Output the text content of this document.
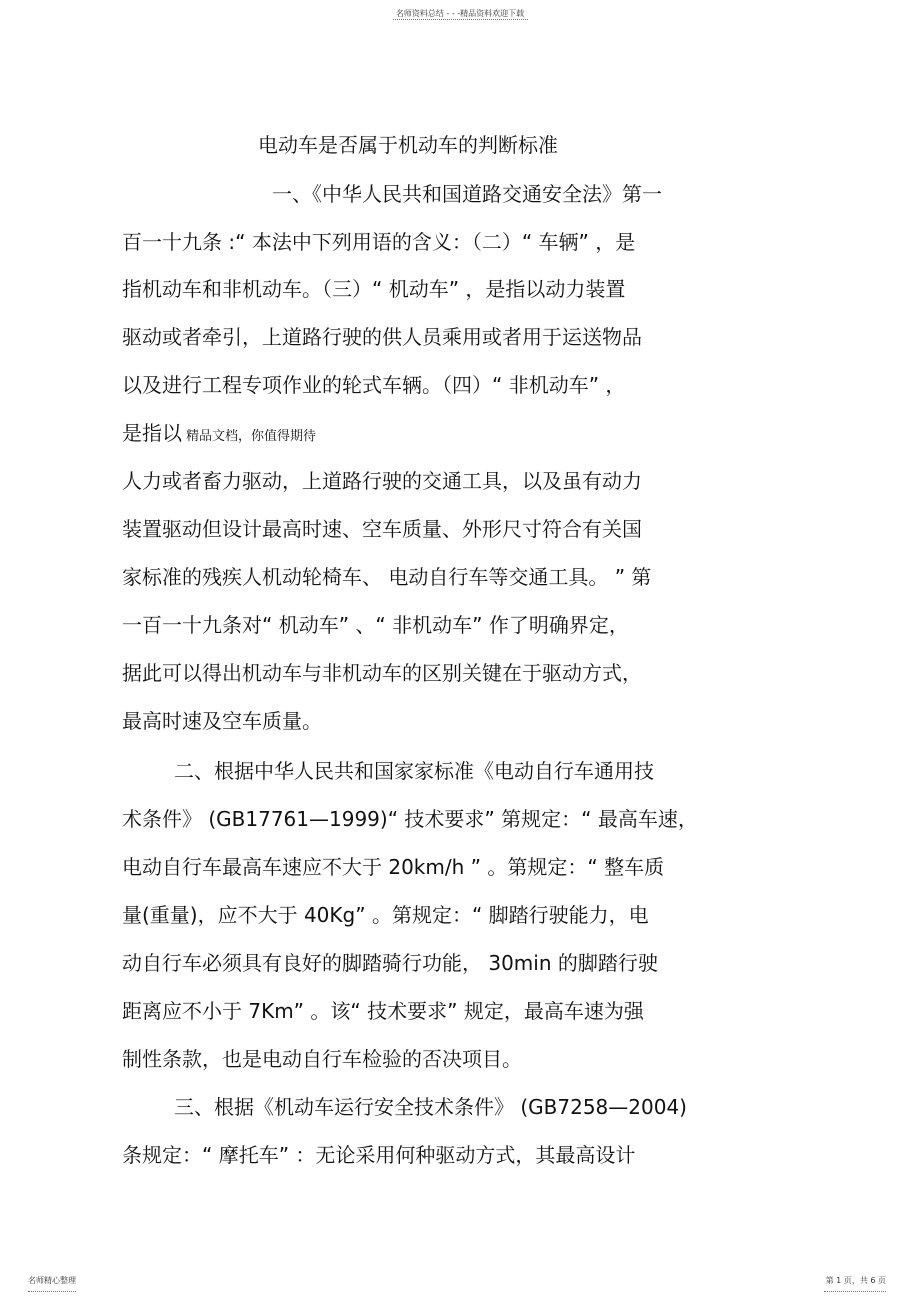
名师资料总结 - - -精品资料欢迎下载
电动车是否属于机动车的判断标准
一、《中华人民共和国道路交通安全法》第一
百一十九条 :“ 本法中下列用语的含义：（二）“ 车辆” ，是
指机动车和非机动车。（三）“ 机动车” ，是指以动力装置
驱动或者牵引，上道路行驶的供人员乘用或者用于运送物品
以及进行工程专项作业的轮式车辆。（四）“ 非机动车” ，
是指以 精品文档，你值得期待
人力或者畜力驱动，上道路行驶的交通工具，以及虽有动力
装置驱动但设计最高时速、空车质量、外形尺寸符合有关国
家标准的残疾人机动轮椅车、 电动自行车等交通工具。 ” 第
一百一十九条对“ 机动车” 、“ 非机动车” 作了明确界定，
据此可以得出机动车与非机动车的区别关键在于驱动方式，
最高时速及空车质量。
二、根据中华人民共和国家家标准《电动自行车通用技
术条件》 (GB17761—1999)“ 技术要求” 第规定：“ 最高车速，
电动自行车最高车速应不大于 20km/h ” 。第规定：“ 整车质
量(重量)，应不大于 40Kg” 。第规定：“ 脚踏行驶能力，电
动自行车必须具有良好的脚踏骑行功能， 30min 的脚踏行驶
距离应不小于 7Km” 。该“ 技术要求” 规定，最高车速为强
制性条款，也是电动自行车检验的否决项目。
三、根据《机动车运行安全技术条件》 (GB7258—2004)
条规定：“ 摩托车” ：无论采用何种驱动方式，其最高设计
名师精心整理	第 1 页，共 6 页
